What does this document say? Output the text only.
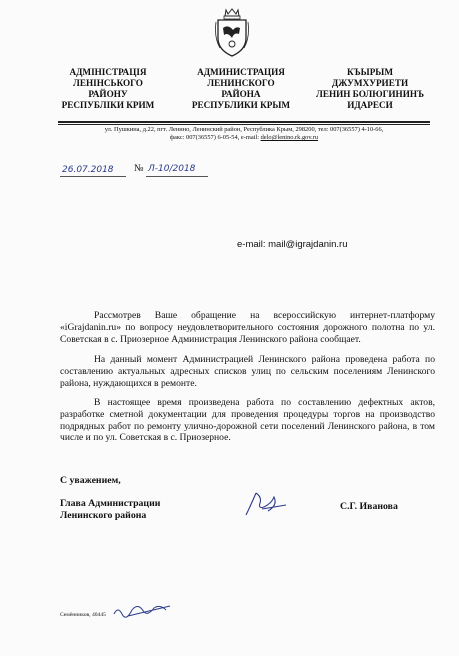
АДМІНІСТРАЦІЯ
ЛЕНІНСЬКОГО
РАЙОНУ
РЕСПУБЛІКИ КРИМ
АДМИНИСТРАЦИЯ
ЛЕНИНСКОГО
РАЙОНА
РЕСПУБЛИКИ КРЫМ
КЪЫРЫМ
ДЖУМХУРИЕТИ
ЛЕНИН БОЛЮГИНИНЪ
ИДАРЕСИ
ул. Пушкина, д.22, пгт. Ленино, Ленинский район, Республика Крым, 298200, тел: 007(36557) 4-10-66,
факс: 007(36557) 6-05-54, e-mail: delo@lenino.rk.gov.ru
26.07.2018 № Л-10/2018
e-mail: mail@igrajdanin.ru

Рассмотрев Ваше обращение на всероссийскую интернет-платформу «iGrajdanin.ru» по вопросу неудовлетворительного состояния дорожного полотна по ул. Советская в с. Приозерное Администрация Ленинского района сообщает.

На данный момент Администрацией Ленинского района проведена работа по составлению актуальных адресных списков улиц по сельским поселениям Ленинского района, нуждающихся в ремонте.

В настоящее время произведена работа по составлению дефектных актов, разработке сметной документации для проведения процедуры торгов на производство подрядных работ по ремонту улично-дорожной сети поселений Ленинского района, в том числе и по ул. Советская в с. Приозерное.

С уважением,
Глава Администрации
Ленинского района
С.Г. Иванова
Семёнников, 40445
